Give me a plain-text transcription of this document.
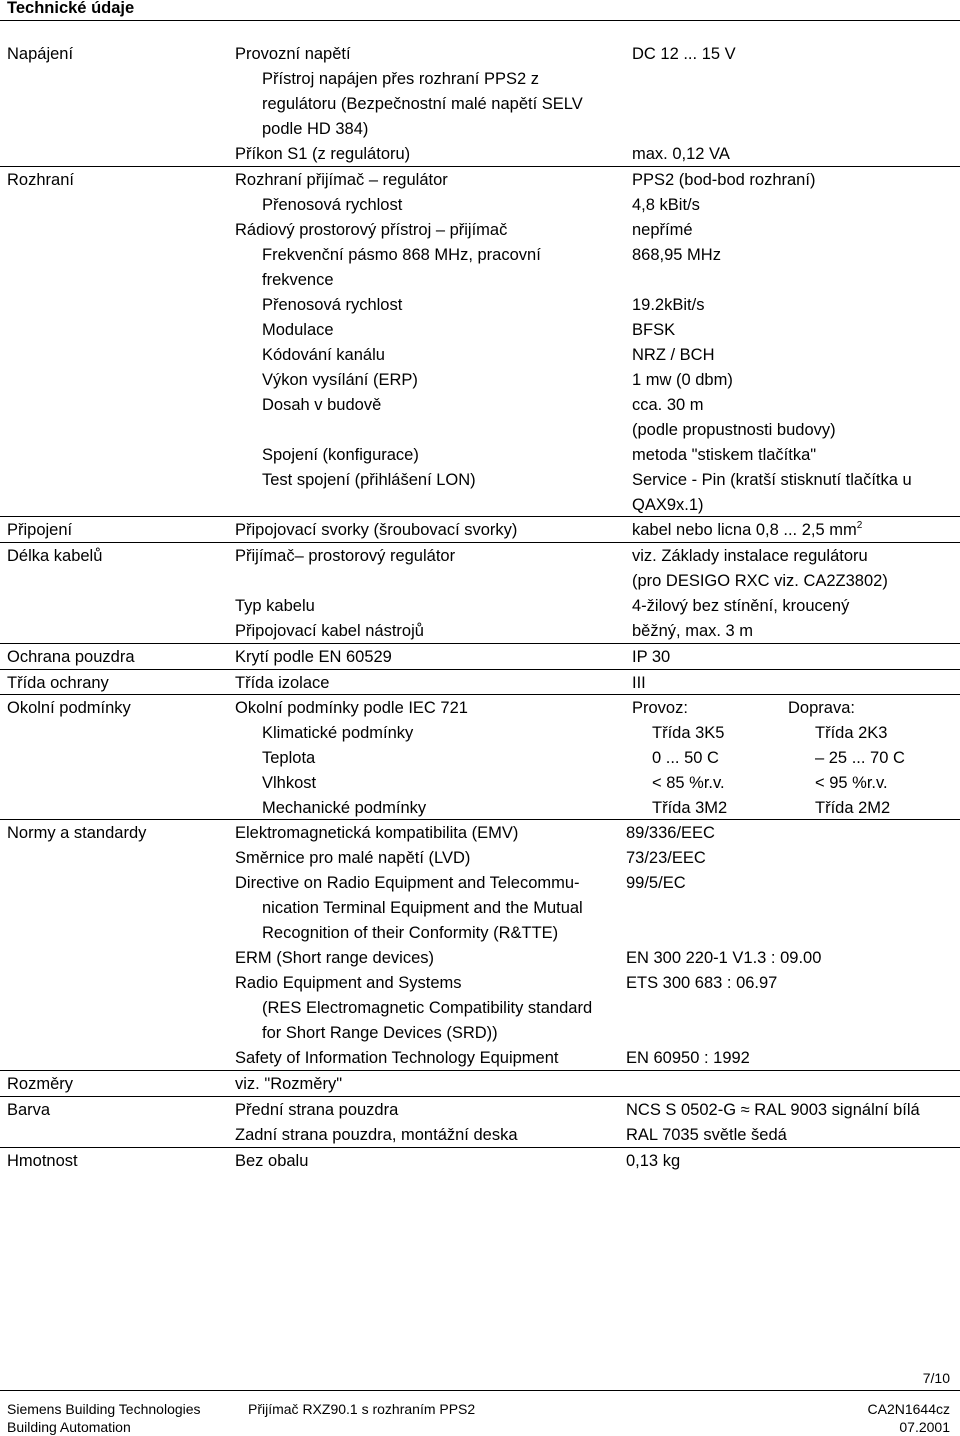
Technické údaje
Napájení	Provozní napětí	DC 12 ... 15 V
Přístroj napájen přes rozhraní PPS2 z
regulátoru (Bezpečnostní malé napětí SELV
podle HD 384)
Příkon S1 (z regulátoru)	max. 0,12 VA
Rozhraní	Rozhraní přijímač – regulátor	PPS2 (bod-bod rozhraní)
Přenosová rychlost	4,8 kBit/s
Rádiový prostorový přístroj – přijímač	nepřímé
Frekvenční pásmo 868 MHz, pracovní	868,95 MHz
frekvence
Přenosová rychlost	19.2kBit/s
Modulace	BFSK
Kódování kanálu	NRZ / BCH
Výkon vysílání (ERP)	1 mw (0 dbm)
Dosah v budově	cca. 30 m
(podle propustnosti budovy)
Spojení (konfigurace)	metoda "stiskem tlačítka"
Test spojení (přihlášení LON)	Service - Pin (kratší stisknutí tlačítka u
QAX9x.1)
Připojení	Připojovací svorky (šroubovací svorky)	kabel nebo licna 0,8 ... 2,5 $mm^2$
Délka kabelů	Přijímač– prostorový regulátor	viz. Základy instalace regulátoru
(pro DESIGO RXC viz. CA2Z3802)
Typ kabelu	4-žilový bez stínění, kroucený
Připojovací kabel nástrojů	běžný, max. 3 m
Ochrana pouzdra	Krytí podle EN 60529	IP 30
Třída ochrany	Třída izolace	III
Okolní podmínky	Okolní podmínky podle IEC 721	Provoz:	Doprava:
Klimatické podmínky	Třída 3K5	Třída 2K3
Teplota	0 ... 50 C	– 25 ... 70 C
Vlhkost	< 85 %r.v.	< 95 %r.v.
Mechanické podmínky	Třída 3M2	Třída 2M2
Normy a standardy	Elektromagnetická kompatibilita (EMV)	89/336/EEC
Směrnice pro malé napětí (LVD)	73/23/EEC
Directive on Radio Equipment and Telecommu-	99/5/EC
nication Terminal Equipment and the Mutual
Recognition of their Conformity (R&TTE)
ERM (Short range devices)	EN 300 220-1 V1.3 : 09.00
Radio Equipment and Systems	ETS 300 683 : 06.97
(RES Electromagnetic Compatibility standard
for Short Range Devices (SRD))
Safety of Information Technology Equipment	EN 60950 : 1992
Rozměry	viz. "Rozměry"
Barva	Přední strana pouzdra	NCS S 0502-G ≈ RAL 9003 signální bílá
Zadní strana pouzdra, montážní deska	RAL 7035 světle šedá
Hmotnost	Bez obalu	0,13 kg
7/10
Siemens Building Technologies
Building Automation
Přijímač RXZ90.1 s rozhraním PPS2	CA2N1644cz
07.2001
